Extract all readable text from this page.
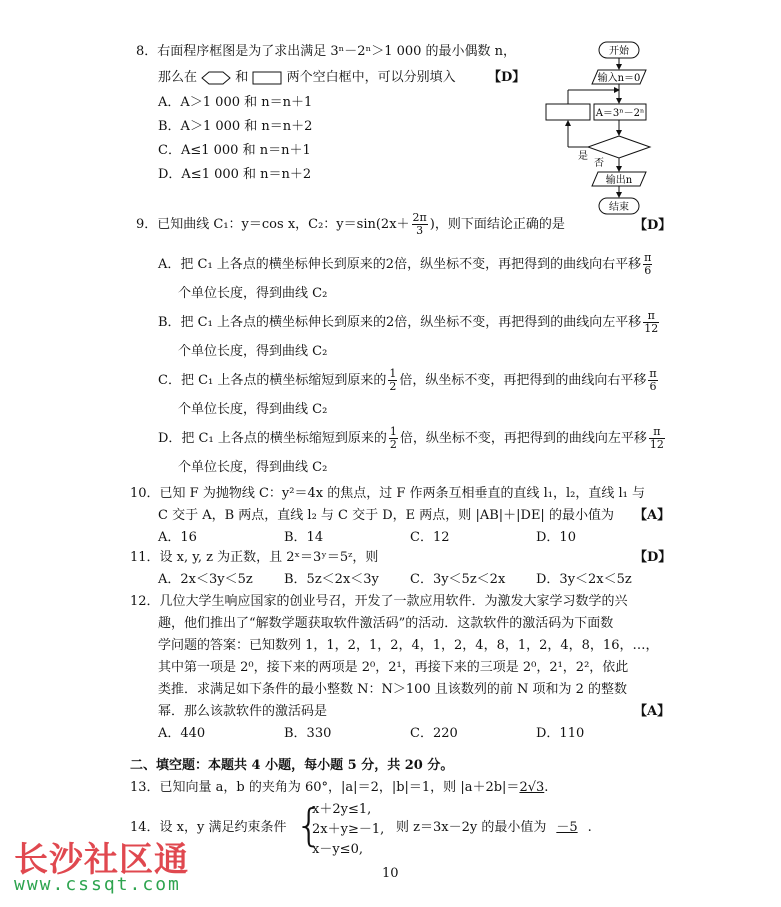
8．右面程序框图是为了求出满足 3ⁿ－2ⁿ＞1 000 的最小偶数 n，
那么在	和	两个空白框中，可以分别填入 【D】
A．A＞1 000 和 n＝n＋1
B．A＞1 000 和 n＝n＋2
C．A≤1 000 和 n＝n＋1
D．A≤1 000 和 n＝n＋2
开始
输入n＝0
A＝3ⁿ－2ⁿ
是
否
输出n
结束
9．已知曲线 C₁：y＝cos x，C₂：$y=\sin(2x+ \frac{2\pi}{3}$ )，则下面结论正确的是	【D】
A．把 C₁ 上各点的横坐标伸长到原来的2倍，纵坐标不变，再把得到的曲线向右平移 $\frac{\pi}{6}$
个单位长度，得到曲线 C₂
B．把 C₁ 上各点的横坐标伸长到原来的2倍，纵坐标不变，再把得到的曲线向左平移 $\frac{\pi}{12}$
个单位长度，得到曲线 C₂
C．把 C₁ 上各点的横坐标缩短到原来的 $\frac{1}{2}$ 倍，纵坐标不变，再把得到的曲线向右平移 $\frac{\pi}{6}$
个单位长度，得到曲线 C₂
D．把 C₁ 上各点的横坐标缩短到原来的 $\frac{1}{2}$ 倍，纵坐标不变，再把得到的曲线向左平移 $\frac{\pi}{12}$
个单位长度，得到曲线 C₂
10．已知 F 为抛物线 C：y²＝4x 的焦点，过 F 作两条互相垂直的直线 l₁，l₂，直线 l₁ 与
C 交于 A，B 两点，直线 l₂ 与 C 交于 D，E 两点，则 |AB|＋|DE| 的最小值为 【A】
A．16	B．14	C．12	D．10
11．设 x, y, z 为正数，且 2ˣ＝3ʸ＝5ᶻ，则	【D】
A．2x＜3y＜5z B．5z＜2x＜3y C．3y＜5z＜2x D．3y＜2x＜5z
12．几位大学生响应国家的创业号召，开发了一款应用软件．为激发大家学习数学的兴
趣，他们推出了“解数学题获取软件激活码”的活动．这款软件的激活码为下面数
学问题的答案：已知数列 1，1，2，1，2，4，1，2，4，8，1，2，4，8，16，…，
其中第一项是 2⁰，接下来的两项是 2⁰，2¹，再接下来的三项是 2⁰，2¹，2²，依此
类推．求满足如下条件的最小整数 N：N＞100 且该数列的前 N 项和为 2 的整数
幂．那么该款软件的激活码是	【A】
A．440	B．330	C．220	D．110
二、填空题：本题共 4 小题，每小题 5 分，共 20 分。
13．已知向量 a，b 的夹角为 60°，|a|＝2，|b|＝1，则 |a＋2b|＝2√3.
14．设 x，y 满足约束条件 {
x＋2y≤1,
2x＋y≥－1,
x－y≤0,
则 z＝3x－2y 的最小值为 －5 .
10
长沙社区通
www.cssqt.com
